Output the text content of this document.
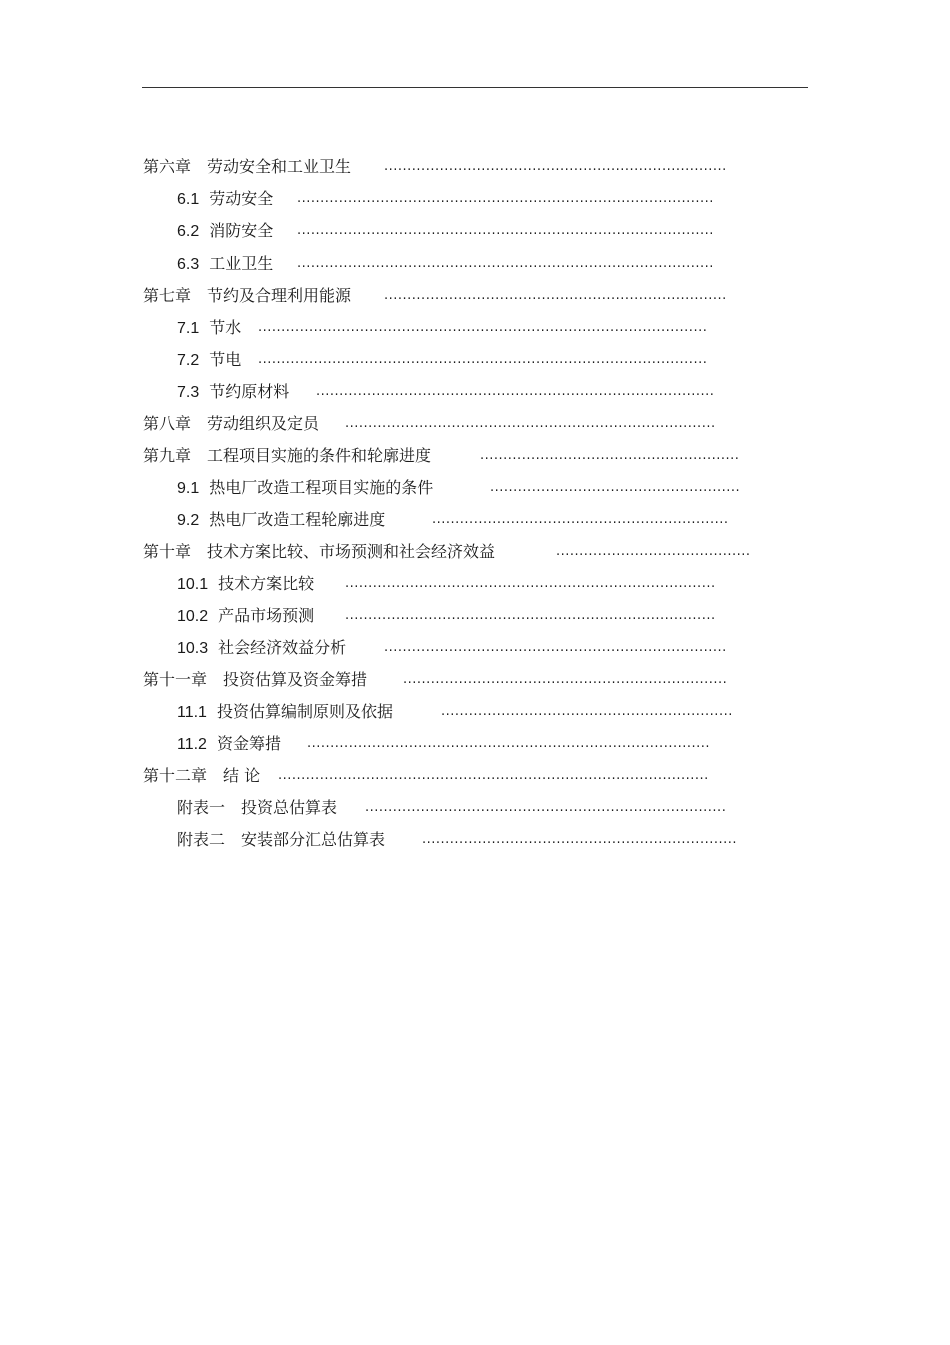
第六章　劳动安全和工业卫生	..........................................................................
6.1 劳动安全 ..........................................................................................
6.2 消防安全 ..........................................................................................
6.3 工业卫生 ..........................................................................................
第七章　节约及合理利用能源	..........................................................................
7.1 节水 .................................................................................................
7.2 节电 .................................................................................................
7.3 节约原材料 ......................................................................................
第八章　劳动组织及定员 ................................................................................
第九章　工程项目实施的条件和轮廓进度	........................................................
9.1 热电厂改造工程项目实施的条件	......................................................
9.2 热电厂改造工程轮廓进度	................................................................
第十章　技术方案比较、市场预测和社会经济效益	..........................................
10.1 技术方案比较 ................................................................................
10.2 产品市场预测 ................................................................................
10.3 社会经济效益分析	..........................................................................
第十一章　投资估算及资金筹措	......................................................................
11.1 投资估算编制原则及依据	...............................................................
11.2 资金筹措 .......................................................................................
第十二章　结 论 .............................................................................................
附表一　投资总估算表 ..............................................................................
附表二　安装部分汇总估算表	....................................................................
